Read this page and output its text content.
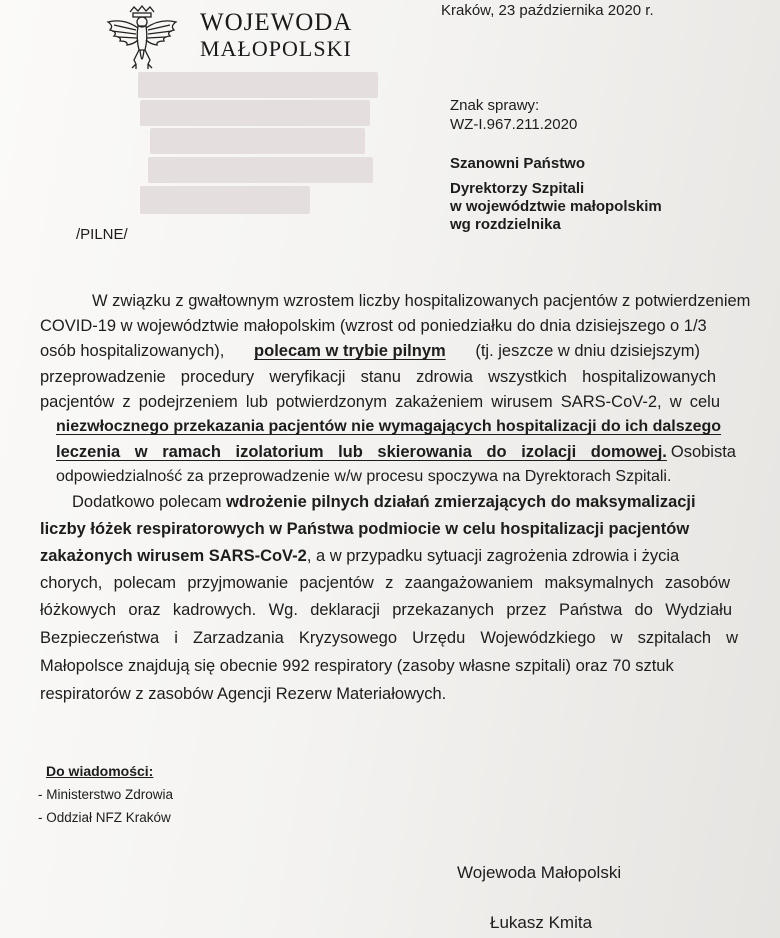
WOJEWODA
MAŁOPOLSKI
Kraków, 23 października 2020 r.
Znak sprawy:
WZ-I.967.211.2020
Szanowni Państwo
Dyrektorzy Szpitali
w województwie małopolskim
wg rozdzielnika
/PILNE/
W związku z gwałtownym wzrostem liczby hospitalizowanych pacjentów z potwierdzeniem
COVID-19 w województwie małopolskim (wzrost od poniedziałku do dnia dzisiejszego o 1/3
osób hospitalizowanych), polecam w trybie pilnym (tj. jeszcze w dniu dzisiejszym)
przeprowadzenie procedury weryfikacji stanu zdrowia wszystkich hospitalizowanych
pacjentów z podejrzeniem lub potwierdzonym zakażeniem wirusem SARS-CoV-2, w celu
niezwłocznego przekazania pacjentów nie wymagających hospitalizacji do ich dalszego
leczenia w ramach izolatorium lub skierowania do izolacji domowej. Osobista
odpowiedzialność za przeprowadzenie w/w procesu spoczywa na Dyrektorach Szpitali.
Dodatkowo polecam wdrożenie pilnych działań zmierzających do maksymalizacji
liczby łóżek respiratorowych w Państwa podmiocie w celu hospitalizacji pacjentów
zakażonych wirusem SARS-CoV-2, a w przypadku sytuacji zagrożenia zdrowia i życia
chorych, polecam przyjmowanie pacjentów z zaangażowaniem maksymalnych zasobów
łóżkowych oraz kadrowych. Wg. deklaracji przekazanych przez Państwa do Wydziału
Bezpieczeństwa i Zarzadzania Kryzysowego Urzędu Wojewódzkiego w szpitalach w
Małopolsce znajdują się obecnie 992 respiratory (zasoby własne szpitali) oraz 70 sztuk
respiratorów z zasobów Agencji Rezerw Materiałowych.
Do wiadomości:
- Ministerstwo Zdrowia
- Oddział NFZ Kraków
Wojewoda Małopolski
Łukasz Kmita
